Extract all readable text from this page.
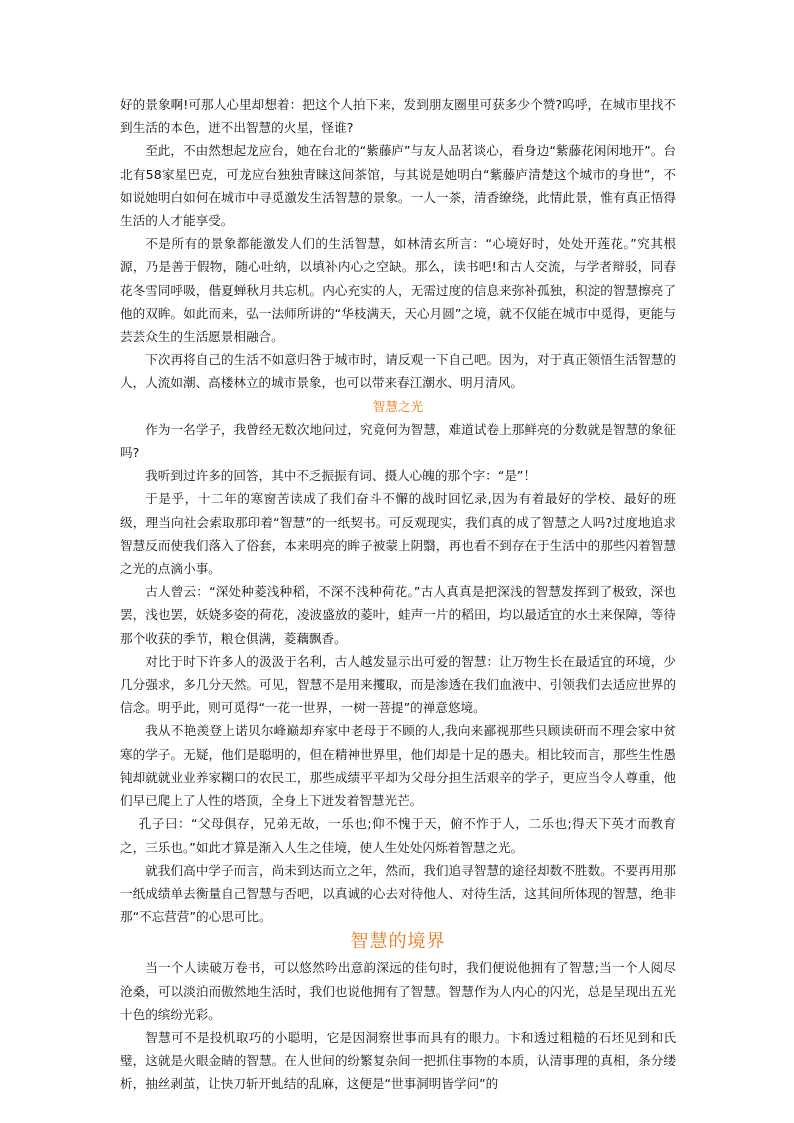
好的景象啊!可那人心里却想着：把这个人拍下来，发到朋友圈里可获多少个赞?呜呼，在城市里找不到生活的本色，迸不出智慧的火星，怪谁?

至此，不由然想起龙应台，她在台北的“紫藤庐”与友人品茗谈心，看身边“紫藤花闲闲地开”。台北有58家星巴克，可龙应台独独青睐这间茶馆，与其说是她明白“紫藤庐清楚这个城市的身世”，不如说她明白如何在城市中寻觅激发生活智慧的景象。一人一茶，清香缭绕，此情此景，惟有真正悟得生活的人才能享受。

不是所有的景象都能激发人们的生活智慧，如林清玄所言：“心境好时，处处开莲花。”究其根源，乃是善于假物，随心吐纳，以填补内心之空缺。那么，读书吧!和古人交流，与学者辩驳，同春花冬雪同呼吸，偕夏蝉秋月共忘机。内心充实的人，无需过度的信息来弥补孤独，积淀的智慧擦亮了他的双眸。如此而来，弘一法师所讲的“华枝满天，天心月圆”之境，就不仅能在城市中觅得，更能与芸芸众生的生活愿景相融合。

下次再将自己的生活不如意归咎于城市时，请反观一下自己吧。因为，对于真正领悟生活智慧的人，人流如潮、高楼林立的城市景象，也可以带来春江潮水、明月清风。

智慧之光

作为一名学子，我曾经无数次地问过，究竟何为智慧，难道试卷上那鲜亮的分数就是智慧的象征吗?

我听到过许多的回答，其中不乏振振有词、摄人心魄的那个字：“是”！

于是乎，十二年的寒窗苦读成了我们奋斗不懈的战时回忆录,因为有着最好的学校、最好的班级，理当向社会索取那印着“智慧”的一纸契书。可反观现实，我们真的成了智慧之人吗?过度地追求智慧反而使我们落入了俗套，本来明亮的眸子被蒙上阴翳，再也看不到存在于生活中的那些闪着智慧之光的点滴小事。

古人曾云：“深处种菱浅种稻，不深不浅种荷花。”古人真真是把深浅的智慧发挥到了极致，深也罢，浅也罢，妖娆多姿的荷花，凌波盛放的菱叶，蛙声一片的稻田，均以最适宜的水土来保障，等待那个收获的季节，粮仓俱满，菱藕飘香。

对比于时下许多人的汲汲于名利，古人越发显示出可爱的智慧：让万物生长在最适宜的环境，少几分强求，多几分天然。可见，智慧不是用来攫取，而是渗透在我们血液中、引领我们去适应世界的信念。明乎此，则可觅得“一花一世界，一树一菩提”的禅意悠境。

我从不艳羡登上诺贝尔峰巅却弃家中老母于不顾的人,我向来鄙视那些只顾读研而不理会家中贫寒的学子。无疑，他们是聪明的，但在精神世界里，他们却是十足的愚夫。相比较而言，那些生性愚钝却就就业业养家糊口的农民工，那些成绩平平却为父母分担生活艰辛的学子，更应当令人尊重，他们早已爬上了人性的塔顶，全身上下迸发着智慧光芒。

孔子曰：“父母俱存，兄弟无故，一乐也;仰不愧于天，俯不怍于人，二乐也;得天下英才而教育之，三乐也。”如此才算是渐入人生之佳境，使人生处处闪烁着智慧之光。

就我们高中学子而言，尚未到达而立之年，然而，我们追寻智慧的途径却数不胜数。不要再用那一纸成绩单去衡量自己智慧与否吧，以真诚的心去对待他人、对待生活，这其间所体现的智慧，绝非那“不忘营营”的心思可比。

智慧的境界

当一个人读破万卷书，可以悠然吟出意韵深远的佳句时，我们便说他拥有了智慧;当一个人阅尽沧桑，可以淡泊而傲然地生活时，我们也说他拥有了智慧。智慧作为人内心的闪光，总是呈现出五光十色的缤纷光彩。

智慧可不是投机取巧的小聪明，它是因洞察世事而具有的眼力。卞和透过粗糙的石坯见到和氏璧，这就是火眼金睛的智慧。在人世间的纷繁复杂间一把抓住事物的本质，认清事理的真相，条分缕析，抽丝剥茧，让快刀斩开虬结的乱麻，这便是“世事洞明皆学问”的
